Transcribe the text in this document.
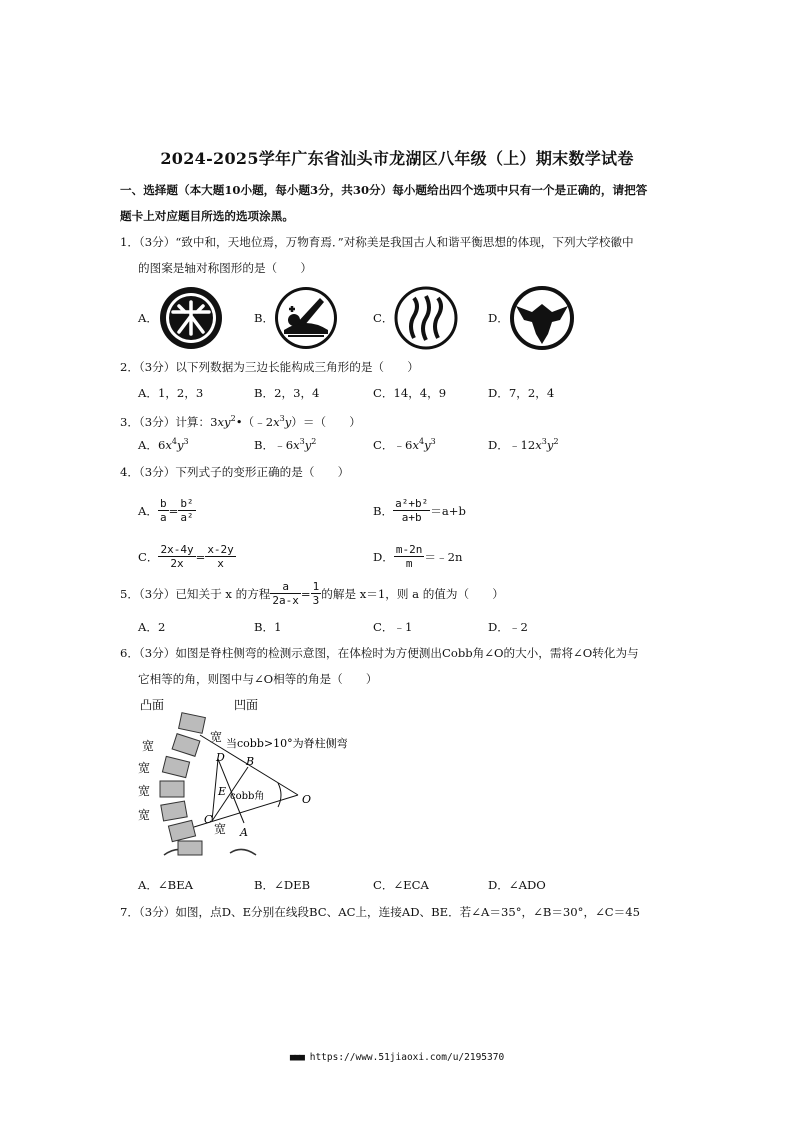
2024-2025学年广东省汕头市龙湖区八年级（上）期末数学试卷
一、选择题（本大题10小题，每小题3分，共30分）每小题给出四个选项中只有一个是正确的，请把答
题卡上对应题目所选的选项涂黑。
1．（3分）“致中和，天地位焉，万物育焉．”对称美是我国古人和谐平衡思想的体现，下列大学校徽中
的图案是轴对称图形的是（　　）
A．	B．	C．	D．
2．（3分）以下列数据为三边长能构成三角形的是（　　）
A．1，2，3	B．2，3，4	C．14，4，9	D．7，2，4
3．（3分）计算：$3xy^2•(﹣2x^3y)=$（　　）
A．$6x^4y^3$	B．$﹣6x^3y^2$	C．$﹣6x^4y^3$	D．$﹣12x^3y^2$
4．（3分）下列式子的变形正确的是（　　）
A． $\frac{b}{a} = \frac{\text{b²}}{\text{a²}}$	B． $\frac{\text{a²+b²}}{a+b} =a+b$
C． $\frac{2x-4y}{2x} = \frac{x-2y}{x}$	D． $\frac{m-2n}{m}$ ＝﹣2n
5．（3分）已知关于 x 的方程 $\frac{a}{2a-x} = \frac{1}{3}$ 的解是 x＝1，则 a 的值为（　　）
A．2	B．1	C．﹣1	D．﹣2
6．（3分）如图是脊柱侧弯的检测示意图，在体检时为方便测出Cobb角∠O的大小，需将∠O转化为与
它相等的角，则图中与∠O相等的角是（　　）
凸面	凹面
宽
宽
宽
宽
宽
宽
当cobb>10°为脊柱侧弯
D B
E cobb角
C
A
O
A．∠BEA	B．∠DEB	C．∠ECA	D．∠ADO
7．（3分）如图，点D、E分别在线段BC、AC上，连接AD、BE．若∠A＝35°，∠B＝30°，∠C＝45
■■■ https://www.51jiaoxi.com/u/2195370
